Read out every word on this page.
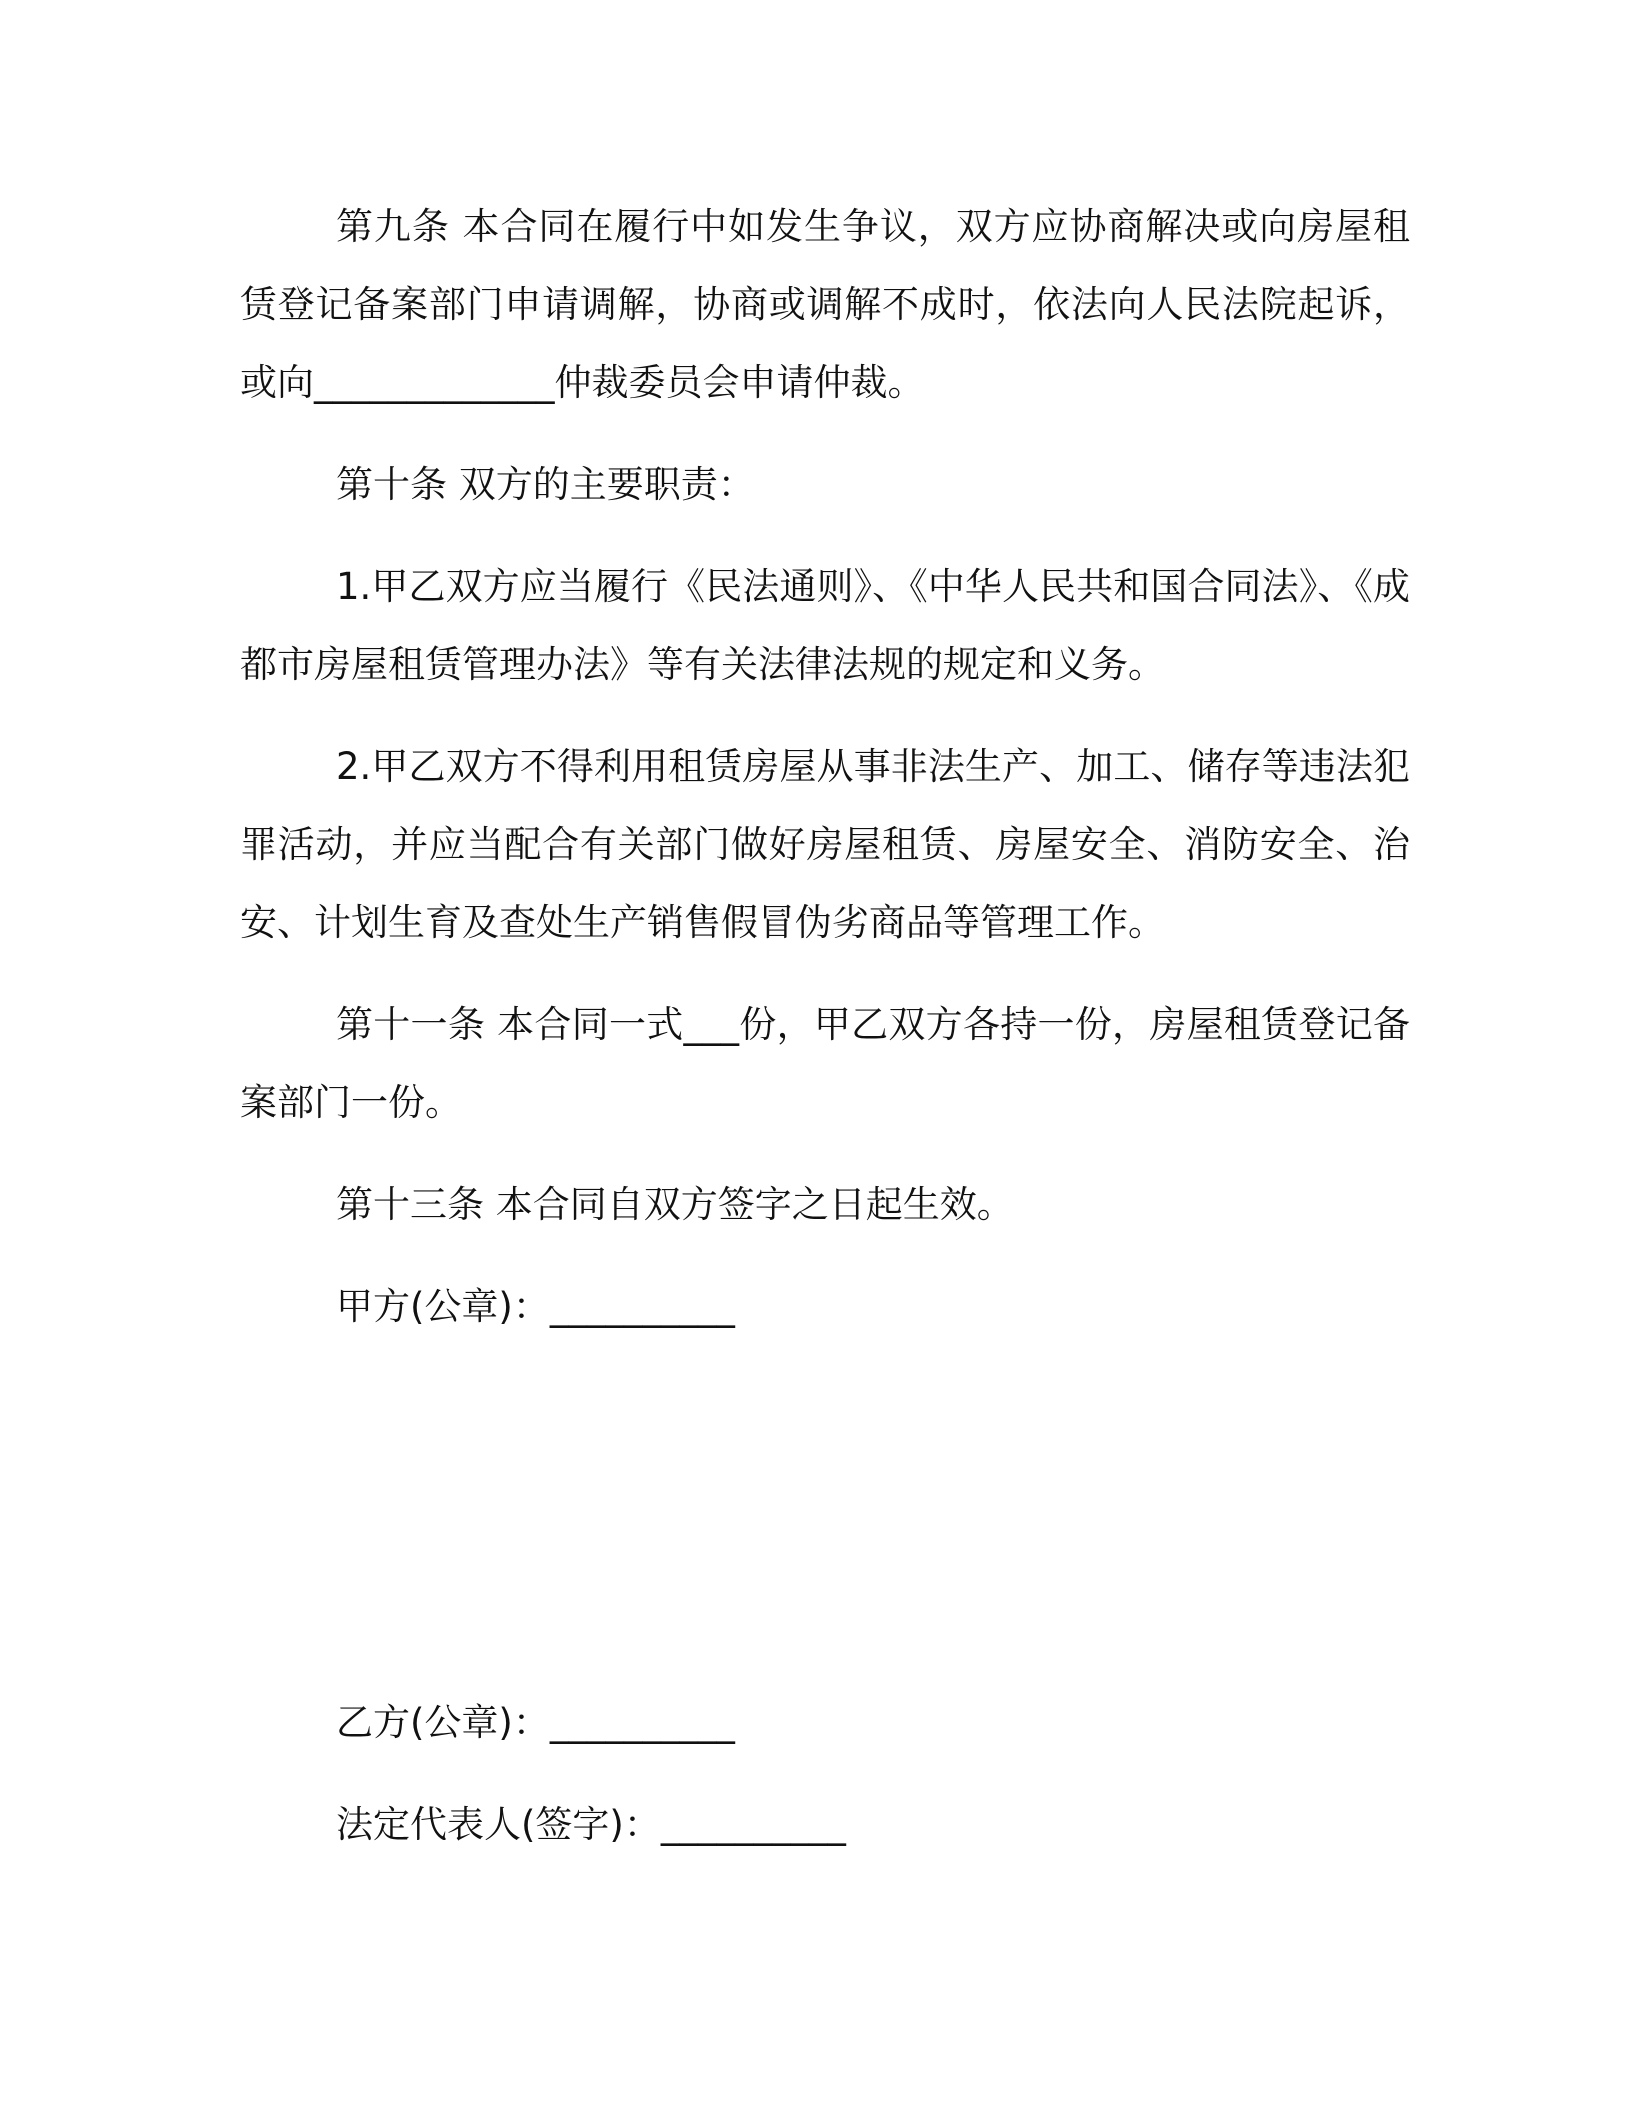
第九条 本合同在履行中如发生争议，双方应协商解决或向房屋租赁登记备案部门申请调解，协商或调解不成时，依法向人民法院起诉，或向_____________仲裁委员会申请仲裁。

第十条 双方的主要职责：

1.甲乙双方应当履行《民法通则》、《中华人民共和国合同法》、《成都市房屋租赁管理办法》等有关法律法规的规定和义务。

2.甲乙双方不得利用租赁房屋从事非法生产、加工、储存等违法犯罪活动，并应当配合有关部门做好房屋租赁、房屋安全、消防安全、治安、计划生育及查处生产销售假冒伪劣商品等管理工作。

第十一条 本合同一式___份，甲乙双方各持一份，房屋租赁登记备案部门一份。

第十三条 本合同自双方签字之日起生效。

甲方(公章)：__________

乙方(公章)：__________

法定代表人(签字)：__________
